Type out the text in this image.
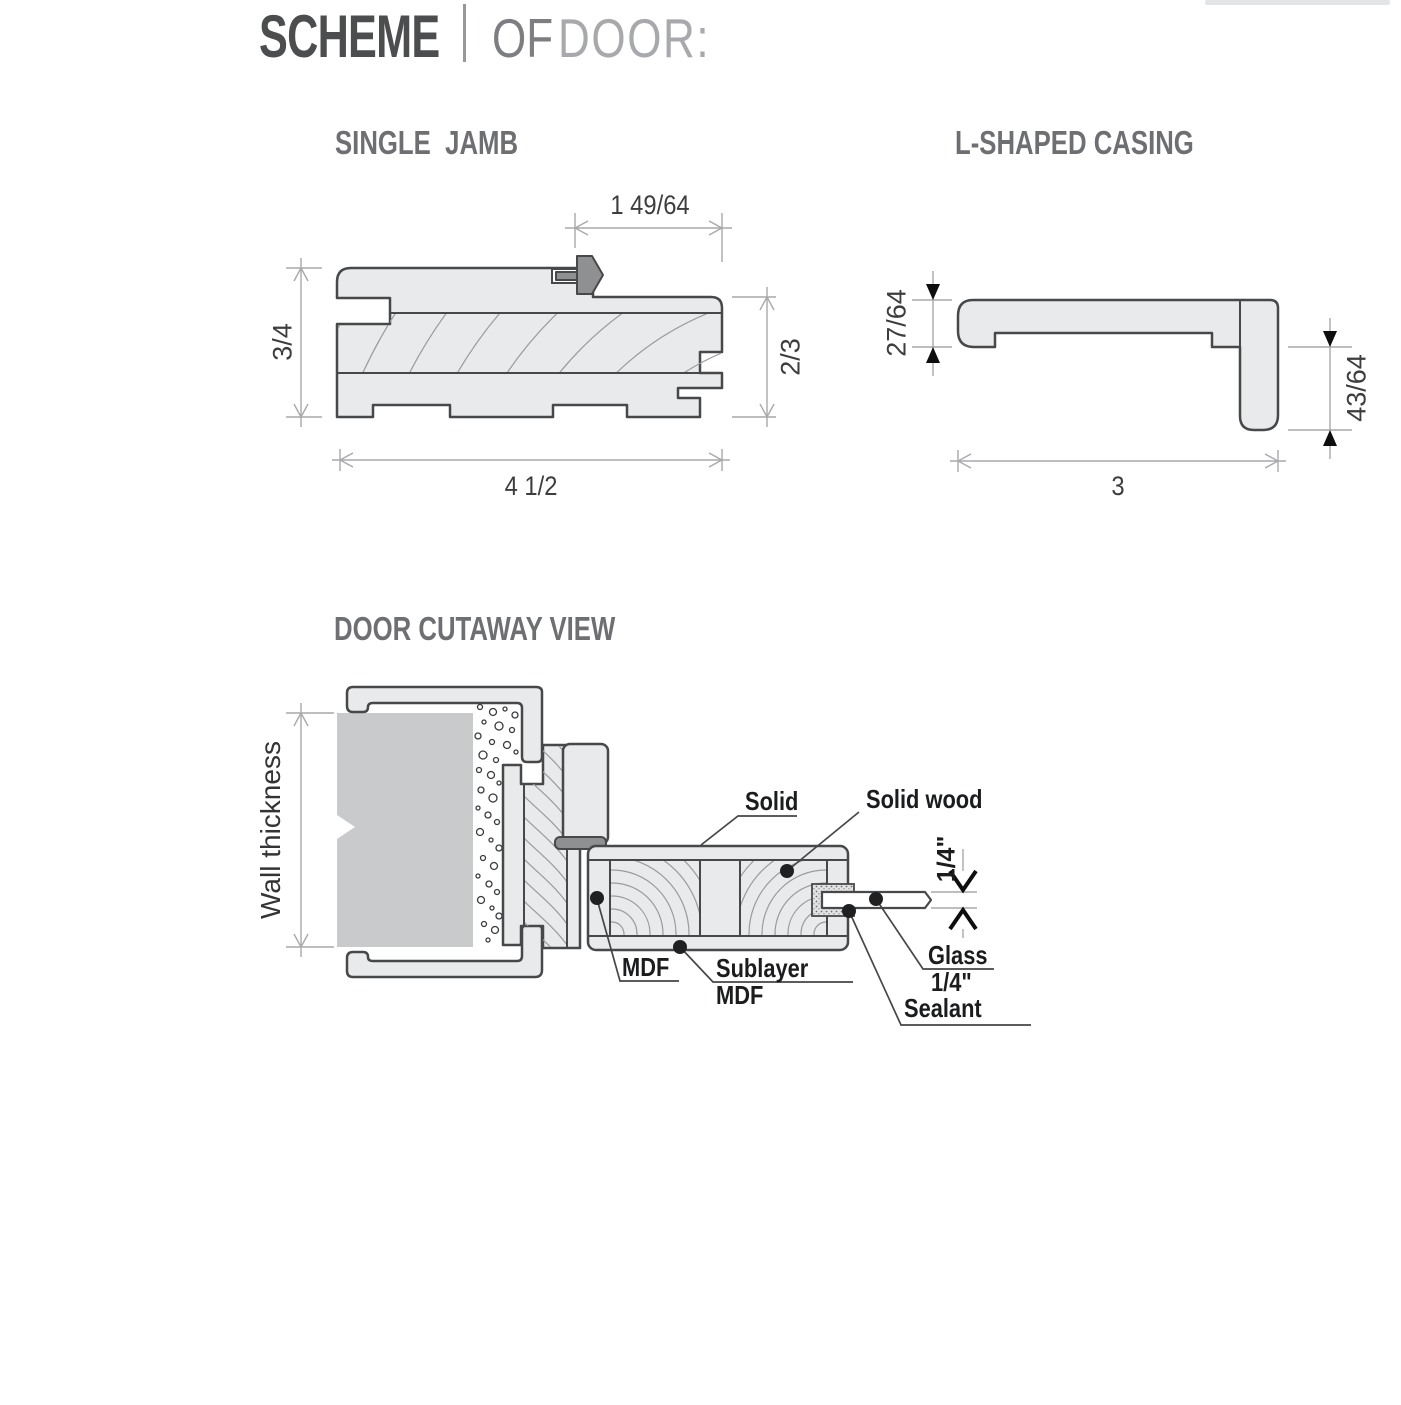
SCHEME OF DOOR:
SINGLE  JAMB	L-SHAPED CASING
DOOR CUTAWAY VIEW
1 49/64
3/4	2/3
4 1/2
27/64
43/64
3
Wall thickness	1/4"
Solid	Solid wood
MDF Sublayer
MDF
Glass
1/4"
Sealant
